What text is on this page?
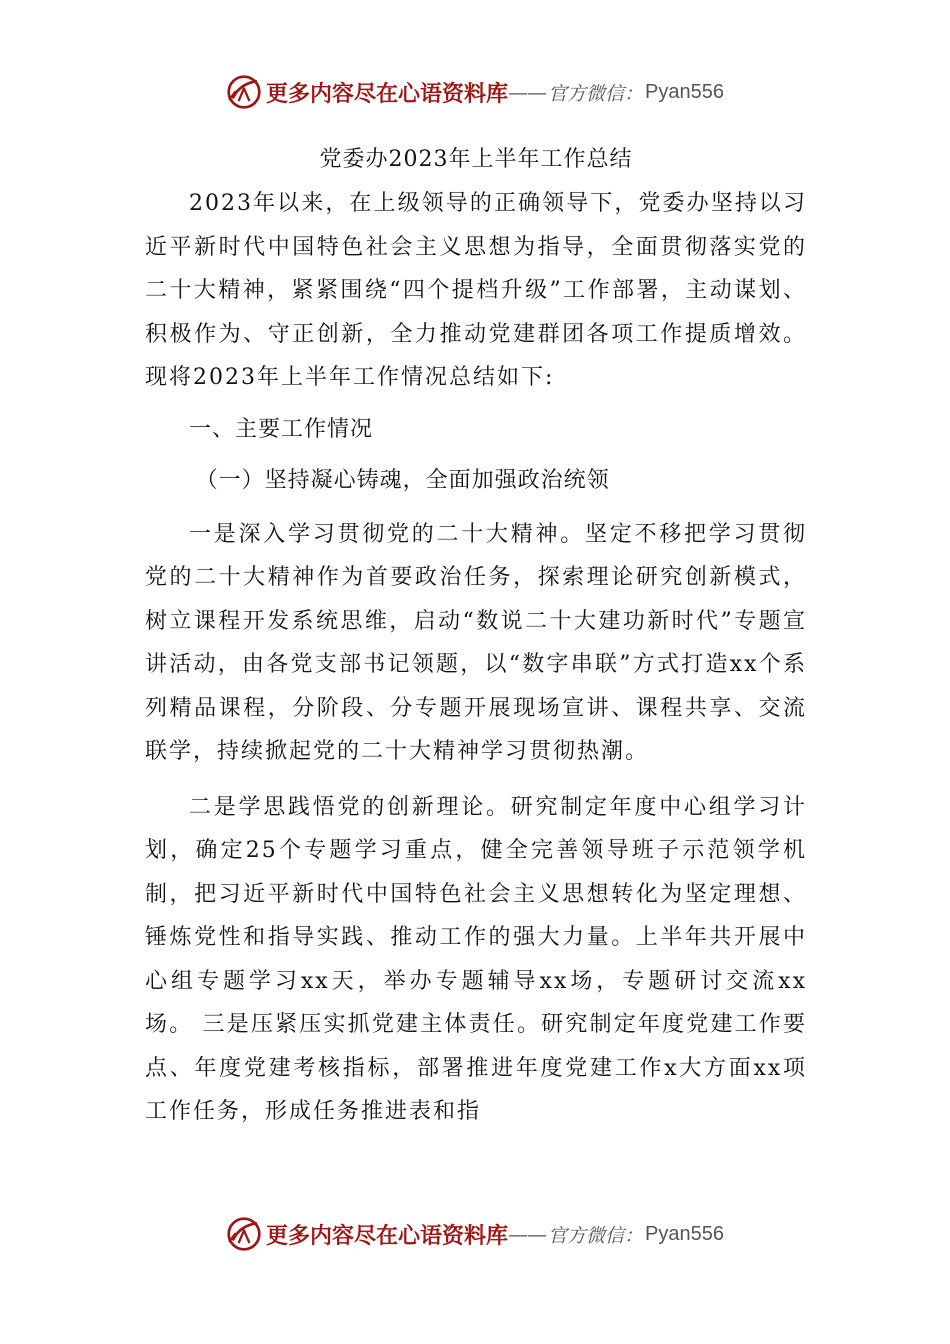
更多内容尽在心语资料库 —— 官方微信： Pyan556

党委办2023年上半年工作总结

2023年以来，在上级领导的正确领导下，党委办坚持以习近平新时代中国特色社会主义思想为指导，全面贯彻落实党的二十大精神，紧紧围绕“四个提档升级”工作部署，主动谋划、积极作为、守正创新，全力推动党建群团各项工作提质增效。现将2023年上半年工作情况总结如下:

一、主要工作情况

（一）坚持凝心铸魂，全面加强政治统领

一是深入学习贯彻党的二十大精神。坚定不移把学习贯彻党的二十大精神作为首要政治任务，探索理论研究创新模式，树立课程开发系统思维，启动“数说二十大建功新时代”专题宣讲活动，由各党支部书记领题，以“数字串联”方式打造xx个系列精品课程，分阶段、分专题开展现场宣讲、课程共享、交流联学，持续掀起党的二十大精神学习贯彻热潮。

二是学思践悟党的创新理论。研究制定年度中心组学习计划，确定25个专题学习重点，健全完善领导班子示范领学机制，把习近平新时代中国特色社会主义思想转化为坚定理想、锤炼党性和指导实践、推动工作的强大力量。上半年共开展中心组专题学习xx天，举办专题辅导xx场，专题研讨交流xx场。 三是压紧压实抓党建主体责任。研究制定年度党建工作要点、年度党建考核指标，部署推进年度党建工作x大方面xx项工作任务，形成任务推进表和指

更多内容尽在心语资料库 —— 官方微信： Pyan556
